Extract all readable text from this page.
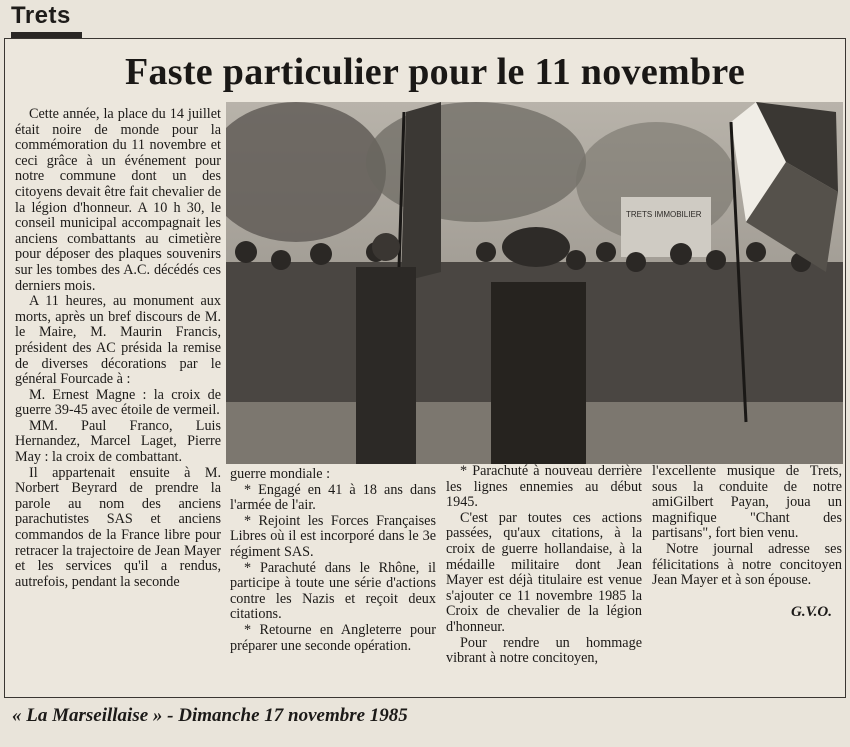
Trets
Faste particulier pour le 11 novembre

Cette année, la place du 14 juillet était noire de monde pour la commémoration du 11 novembre et ceci grâce à un événement pour notre commune dont un des citoyens devait être fait chevalier de la légion d'honneur. A 10 h 30, le conseil municipal accompagnait les anciens combattants au cimetière pour déposer des plaques souvenirs sur les tombes des A.C. décédés ces derniers mois.

A 11 heures, au monument aux morts, après un bref discours de M. le Maire, M. Maurin Francis, président des AC présida la remise de diverses décorations par le général Fourcade à :

M. Ernest Magne : la croix de guerre 39-45 avec étoile de vermeil.

MM. Paul Franco, Luis Hernandez, Marcel Laget, Pierre May : la croix de combattant.

Il appartenait ensuite à M. Norbert Beyrard de prendre la parole au nom des anciens parachutistes SAS et anciens commandos de la France libre pour retracer la trajectoire de Jean Mayer et les services qu'il a rendus, autrefois, pendant la seconde

TRETS IMMOBILIER

guerre mondiale :

* Engagé en 41 à 18 ans dans l'armée de l'air.

* Rejoint les Forces Françaises Libres où il est incorporé dans le 3e régiment SAS.

* Parachuté dans le Rhône, il participe à toute une série d'actions contre les Nazis et reçoit deux citations.

* Retourne en Angleterre pour préparer une seconde opération.

* Parachuté à nouveau derrière les lignes ennemies au début 1945.

C'est par toutes ces actions passées, qu'aux citations, à la croix de guerre hollandaise, à la médaille militaire dont Jean Mayer est déjà titulaire est venue s'ajouter ce 11 novembre 1985 la Croix de chevalier de la légion d'honneur.

Pour rendre un hommage vibrant à notre concitoyen,

l'excellente musique de Trets, sous la conduite de notre amiGilbert Payan, joua un magnifique "Chant des partisans", fort bien venu.

Notre journal adresse ses félicitations à notre concitoyen Jean Mayer et à son épouse.

G.V.O.
« La Marseillaise » - Dimanche 17 novembre 1985
